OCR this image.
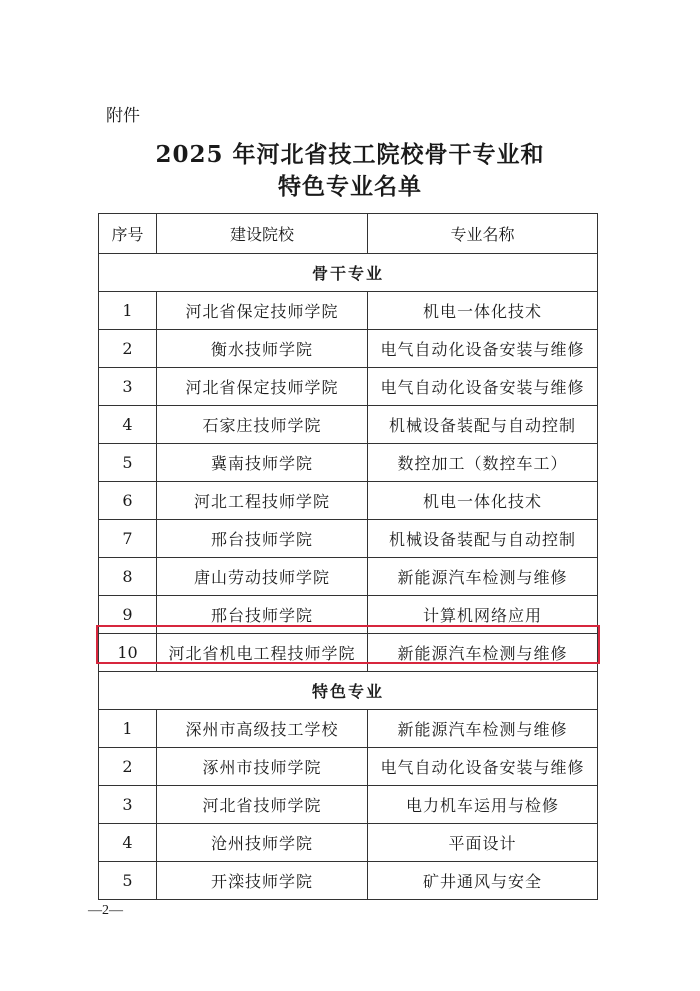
附件
2025 年河北省技工院校骨干专业和
特色专业名单
序号	建设院校	专业名称
骨干专业		
1	河北省保定技师学院	机电一体化技术
2	衡水技师学院	电气自动化设备安装与维修
3	河北省保定技师学院	电气自动化设备安装与维修
4	石家庄技师学院	机械设备装配与自动控制
5	冀南技师学院	数控加工（数控车工）
6	河北工程技师学院	机电一体化技术
7	邢台技师学院	机械设备装配与自动控制
8	唐山劳动技师学院	新能源汽车检测与维修
9	邢台技师学院	计算机网络应用
10	河北省机电工程技师学院	新能源汽车检测与维修
特色专业		
1	深州市高级技工学校	新能源汽车检测与维修
2	涿州市技师学院	电气自动化设备安装与维修
3	河北省技师学院	电力机车运用与检修
4	沧州技师学院	平面设计
5	开滦技师学院	矿井通风与安全
—2—
